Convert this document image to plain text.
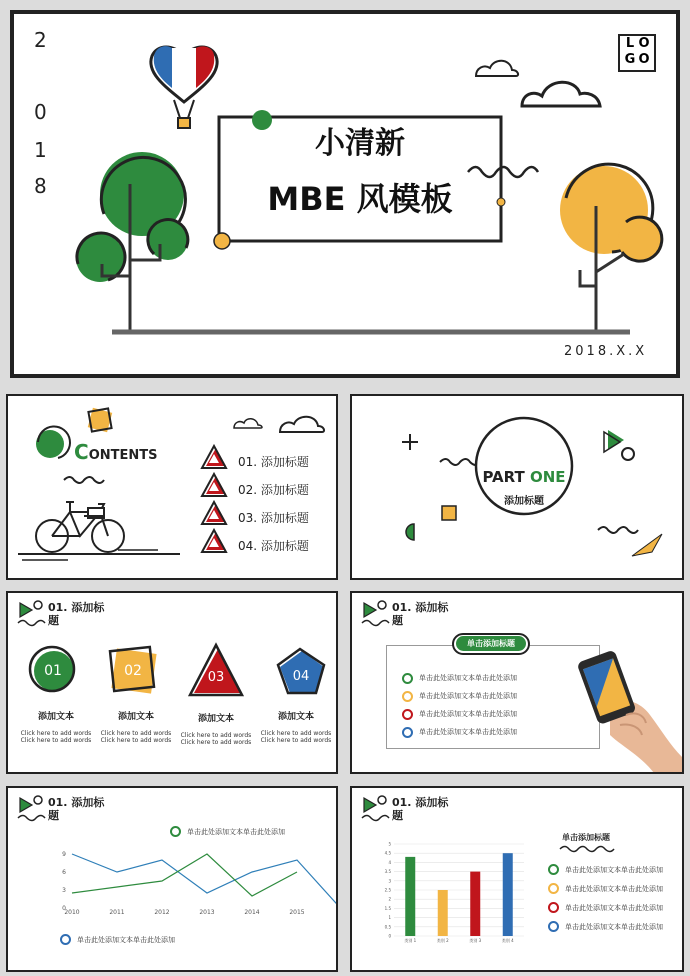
2
0
1
8
L O
G O
小清新
MBE 风模板
2018.X.X
CONTENTS	01. 添加标题
02. 添加标题
03. 添加标题
04. 添加标题
PART ONE
添加标题
01. 添加标
题
01	02	03	04
添加文本
Click here to add words
Click here to add words
添加文本
Click here to add words
Click here to add words
添加文本
Click here to add words
Click here to add words
添加文本
Click here to add words
Click here to add words
01. 添加标
题
单击添加标题
单击此处添加文本单击此处添加
单击此处添加文本单击此处添加
单击此处添加文本单击此处添加
单击此处添加文本单击此处添加
01. 添加标
题
单击此处添加文本单击此处添加
0
3
6
9
2010	2011	2012	2013	2014	2015
单击此处添加文本单击此处添加
01. 添加标
题
0
0.5
1
1.5
2
2.5
3
3.5
4
4.5
5
类别 1	类别 2	类别 3	类别 4
单击添加标题
单击此处添加文本单击此处添加
单击此处添加文本单击此处添加
单击此处添加文本单击此处添加
单击此处添加文本单击此处添加
